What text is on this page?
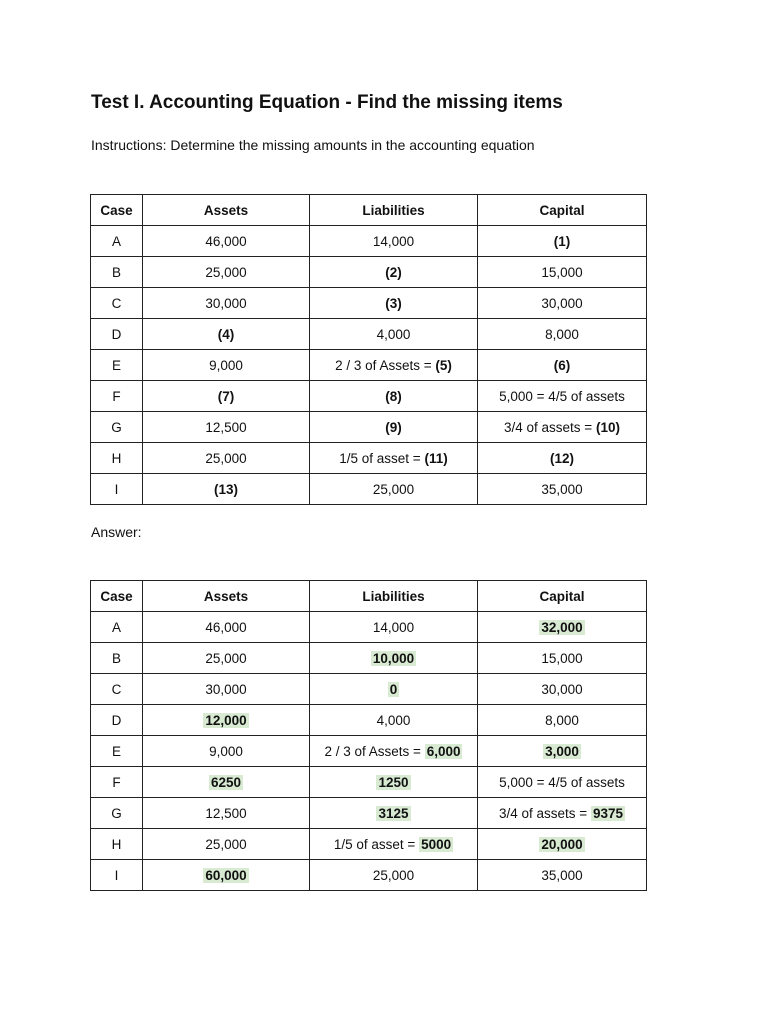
Test I. Accounting Equation - Find the missing items

Instructions: Determine the missing amounts in the accounting equation

Case	Assets	Liabilities	Capital
A	46,000	14,000	(1)
B	25,000	(2)	15,000
C	30,000	(3)	30,000
D	(4)	4,000	8,000
E	9,000	2 / 3 of Assets = (5)	(6)
F	(7)	(8)	5,000 = 4/5 of assets
G	12,500	(9)	3/4 of assets = (10)
H	25,000	1/5 of asset = (11)	(12)
I	(13)	25,000	35,000

Answer:

Case	Assets	Liabilities	Capital
A	46,000	14,000	32,000
B	25,000	10,000	15,000
C	30,000	0	30,000
D	12,000	4,000	8,000
E	9,000	2 / 3 of Assets = 6,000	3,000
F	6250	1250	5,000 = 4/5 of assets
G	12,500	3125	3/4 of assets = 9375
H	25,000	1/5 of asset = 5000	20,000
I	60,000	25,000	35,000
